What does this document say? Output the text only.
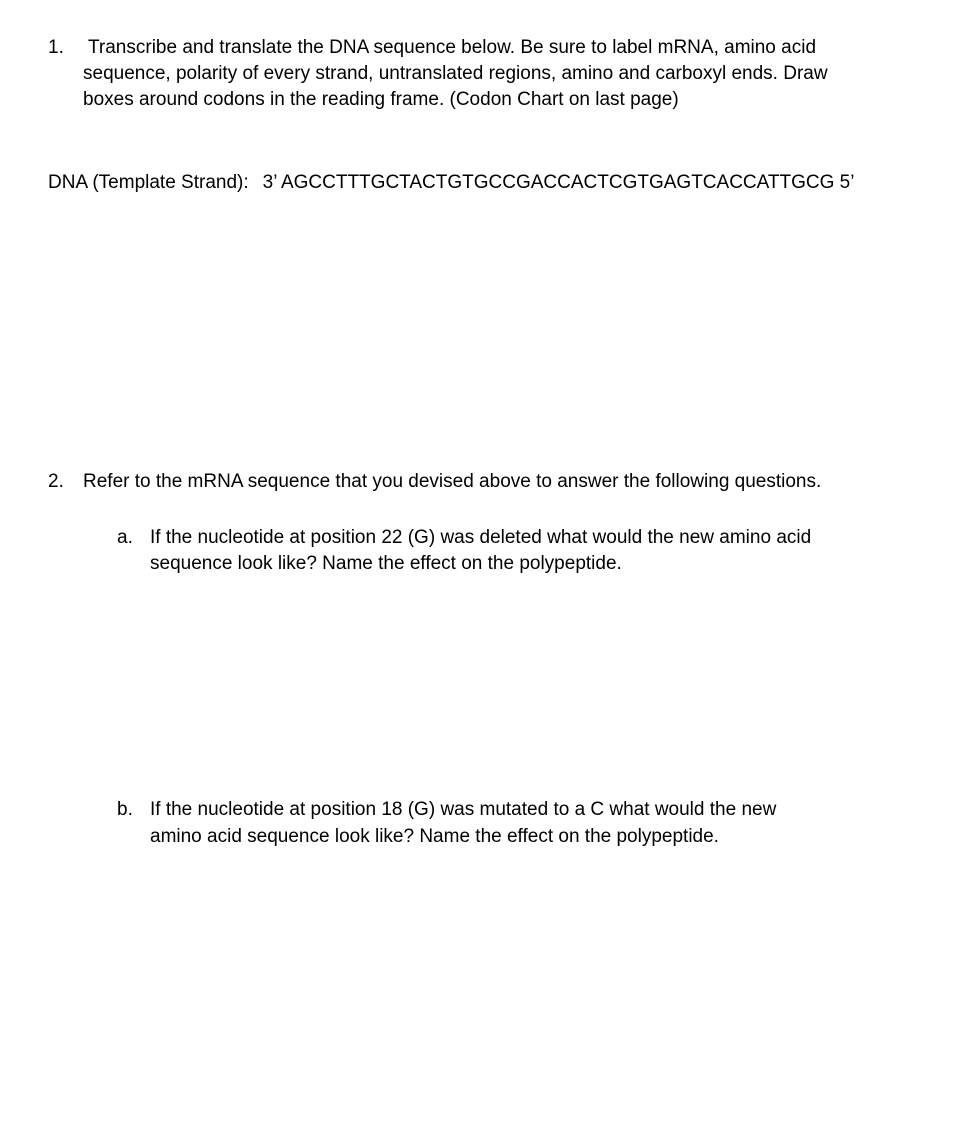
1. Transcribe and translate the DNA sequence below. Be sure to label mRNA, amino acid
sequence, polarity of every strand, untranslated regions, amino and carboxyl ends. Draw
boxes around codons in the reading frame. (Codon Chart on last page)
DNA (Template Strand): 3’ AGCCTTTGCTACTGTGCCGACCACTCGTGAGTCACCATTGCG 5’
2. Refer to the mRNA sequence that you devised above to answer the following questions.
a. If the nucleotide at position 22 (G) was deleted what would the new amino acid
sequence look like? Name the effect on the polypeptide.
b. If the nucleotide at position 18 (G) was mutated to a C what would the new
amino acid sequence look like? Name the effect on the polypeptide.
